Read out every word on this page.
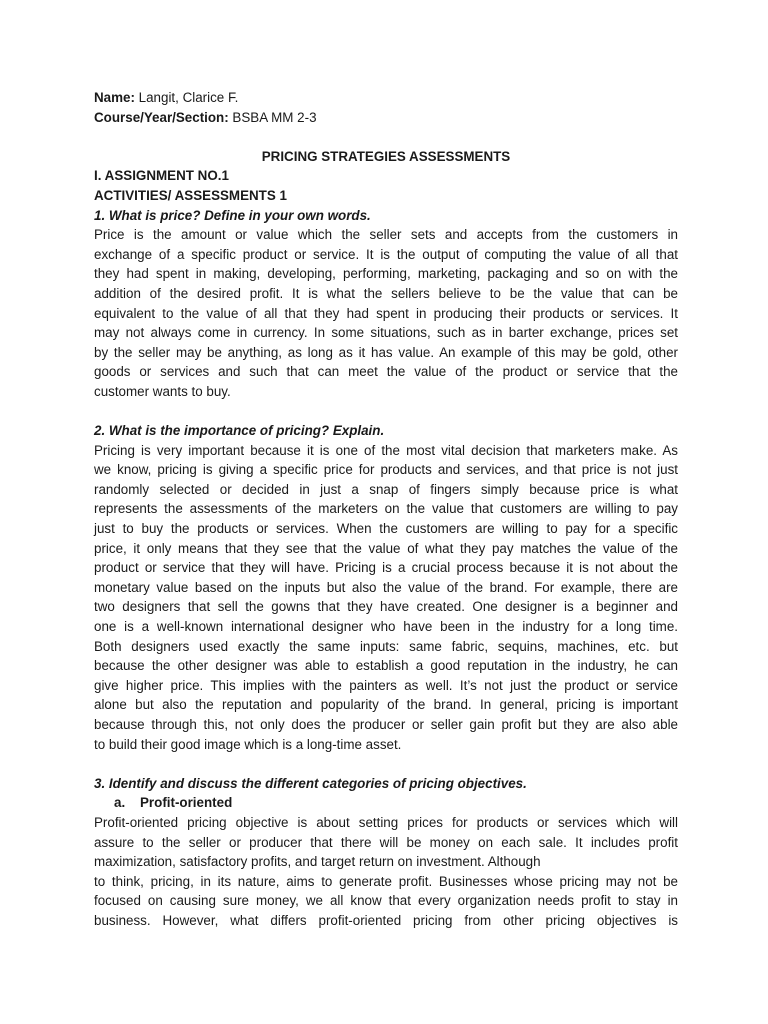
Name: Langit, Clarice F.

Course/Year/Section: BSBA MM 2-3

PRICING STRATEGIES ASSESSMENTS

I. ASSIGNMENT NO.1

ACTIVITIES/ ASSESSMENTS 1

1. What is price? Define in your own words.

Price is the amount or value which the seller sets and accepts from the customers in
exchange of a specific product or service. It is the output of computing the value of all that
they had spent in making, developing, performing, marketing, packaging and so on with the
addition of the desired profit. It is what the sellers believe to be the value that can be
equivalent to the value of all that they had spent in producing their products or services. It
may not always come in currency. In some situations, such as in barter exchange, prices set
by the seller may be anything, as long as it has value. An example of this may be gold, other
goods or services and such that can meet the value of the product or service that the
customer wants to buy.

2. What is the importance of pricing? Explain.

Pricing is very important because it is one of the most vital decision that marketers make. As
we know, pricing is giving a specific price for products and services, and that price is not just
randomly selected or decided in just a snap of fingers simply because price is what
represents the assessments of the marketers on the value that customers are willing to pay
just to buy the products or services. When the customers are willing to pay for a specific
price, it only means that they see that the value of what they pay matches the value of the
product or service that they will have. Pricing is a crucial process because it is not about the
monetary value based on the inputs but also the value of the brand. For example, there are
two designers that sell the gowns that they have created. One designer is a beginner and
one is a well-known international designer who have been in the industry for a long time.
Both designers used exactly the same inputs: same fabric, sequins, machines, etc. but
because the other designer was able to establish a good reputation in the industry, he can
give higher price. This implies with the painters as well. It’s not just the product or service
alone but also the reputation and popularity of the brand. In general, pricing is important
because through this, not only does the producer or seller gain profit but they are also able
to build their good image which is a long-time asset.

3. Identify and discuss the different categories of pricing objectives.

a. Profit-oriented

Profit-oriented pricing objective is about setting prices for products or services which will
assure to the seller or producer that there will be money on each sale. It includes profit
maximization, satisfactory profits, and target return on investment. Although
to think, pricing, in its nature, aims to generate profit. Businesses whose pricing may not be
focused on causing sure money, we all know that every organization needs profit to stay in
business. However, what differs profit-oriented pricing from other pricing objectives is
